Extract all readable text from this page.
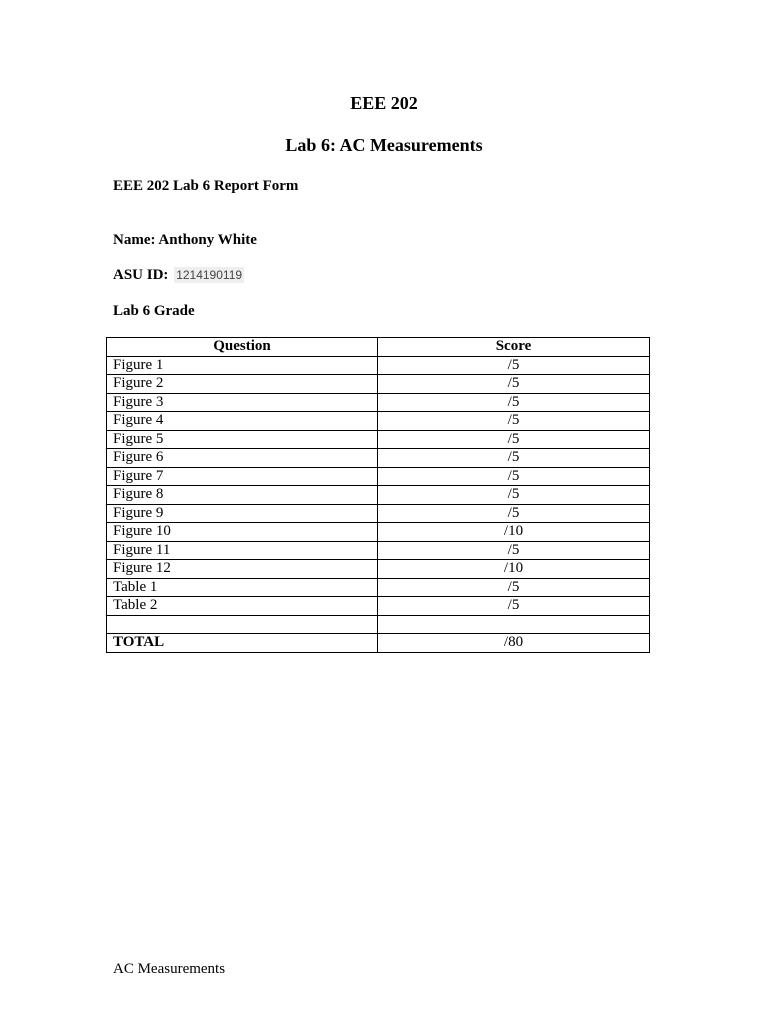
EEE 202
Lab 6: AC Measurements
EEE 202 Lab 6 Report Form
Name: Anthony White
ASU ID: 1214190119
Lab 6 Grade
Question	Score
Figure 1	/5
Figure 2	/5
Figure 3	/5
Figure 4	/5
Figure 5	/5
Figure 6	/5
Figure 7	/5
Figure 8	/5
Figure 9	/5
Figure 10	/10
Figure 11	/5
Figure 12	/10
Table 1	/5
Table 2	/5

TOTAL	/80
AC Measurements
